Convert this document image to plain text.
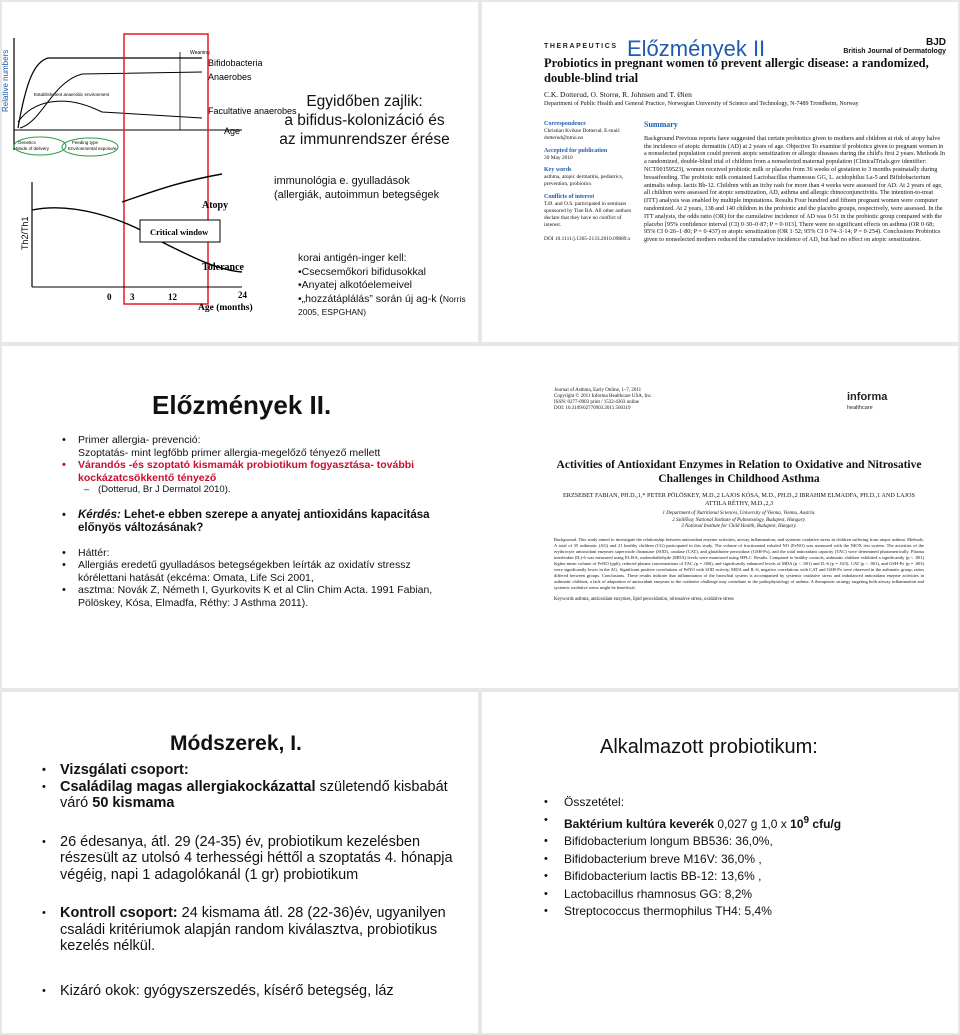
Relative numbers	Weaning
Bifidobacteria
Anaerobes
Facultative anaerobes
Age
Establishment anaerobic environment
Genetics
Mode of delivery
Feeding type
Environmental exposure
Th2/Th1	Critical window
Atopy
Tolerance
0 3	12	24
Age (months)
Egyidőben zajlik:
a bifidus-kolonizáció és
az immunrendszer érése
immunológia e. gyulladások
(allergiák, autoimmun betegségek
korai antigén-inger kell:
•Csecsemőkori bifidusokkal
•Anyatej alkotóelemeivel
•„hozzátáplálás” során új ag-k (Norris 2005, ESPGHAN)
THERAPEUTICS Előzmények II	BJD
British Journal of Dermatology
Probiotics in pregnant women to prevent allergic disease: a randomized, double-blind trial
C.K. Dotterud, O. Storrø, R. Johnsen and T. Øien
Department of Public Health and General Practice, Norwegian University of Science and Technology, N-7489 Trondheim, Norway
Correspondence
Christian Kvikne Dotterud. E-mail: dotterud@ntnu.no
Accepted for publication
30 May 2010
Key words
asthma, atopic dermatitis, pediatrics, prevention, probiotics
Conflicts of interest
T.Ø. and O.S. participated in seminars sponsored by Tine BA. All other authors declare that they have no conflict of interest.
DOI 10.1111/j.1365-2133.2010.09889.x
Summary
Background Previous reports have suggested that certain probiotics given to mothers and children at risk of atopy halve the incidence of atopic dermatitis (AD) at 2 years of age. Objective To examine if probiotics given to pregnant women in a nonselected population could prevent atopic sensitization or allergic diseases during the child's first 2 years. Methods In a randomized, double-blind trial of children from a nonselected maternal population (ClinicalTrials.gov identifier: NCT00159523), women received probiotic milk or placebo from 36 weeks of gestation to 3 months postnatally during breastfeeding. The probiotic milk contained Lactobacillus rhamnosus GG, L. acidophilus La-5 and Bifidobacterium animalis subsp. lactis Bb-12. Children with an itchy rash for more than 4 weeks were assessed for AD. At 2 years of age, all children were assessed for atopic sensitization, AD, asthma and allergic rhinoconjunctivitis. The intention-to-treat (ITT) analysis was enabled by multiple imputations. Results Four hundred and fifteen pregnant women were computer randomized. At 2 years, 138 and 140 children in the probiotic and the placebo groups, respectively, were assessed. In the ITT analysis, the odds ratio (OR) for the cumulative incidence of AD was 0·51 in the probiotic group compared with the placebo [95% confidence interval (CI) 0·30–0·87; P = 0·013]. There were no significant effects on asthma (OR 0·68; 95% CI 0·26–1·80; P = 0·437) or atopic sensitization (OR 1·52; 95% CI 0·74–3·14; P = 0·254). Conclusions Probiotics given to nonselected mothers reduced the cumulative incidence of AD, but had no effect on atopic sensitization.
Előzmények II.
• Primer allergia- prevenció:
Szoptatás- mint legfőbb primer allergia-megelőző tényező mellett
• Várandós -és szoptató kismamák probiotikum fogyasztása- további kockázatcsökkentő tényező
– (Dotterud, Br J Dermatol 2010).
• Kérdés: Lehet-e ebben szerepe a anyatej antioxidáns kapacitása előnyös változásának?
• Háttér:
• Allergiás eredetű gyulladásos betegségekben leírták az oxidatív stressz kórélettani hatását (ekcéma: Omata, Life Sci 2001,
• asztma: Novák Z, Németh I, Gyurkovits K et al Clin Chim Acta. 1991 Fabian, Pölöskey, Kósa, Elmadfa, Réthy: J Asthma 2011).
informa
healthcare
Journal of Asthma, Early Online, 1–7, 2011
Copyright © 2011 Informa Healthcare USA, Inc.
ISSN: 0277-0903 print / 1532-4303 online
DOI: 10.3109/02770903.2011.560319
Activities of Antioxidant Enzymes in Relation to Oxidative and Nitrosative Challenges in Childhood Asthma
ERZSEBET FABIAN, PH.D.,1,* PETER PÖLÖSKEY, M.D.,2 LAJOS KÓSA, M.D., PH.D.,2 IBRAHIM ELMADFA, PH.D.,1 AND LAJOS ATTILA RÉTHY, M.D.,2,3
1 Department of Nutritional Sciences, University of Vienna, Vienna, Austria.
2 Szöllőssy National Institute of Pulmonology, Budapest, Hungary.
3 National Institute for Child Health, Budapest, Hungary.
Background. This study aimed to investigate the relationship between antioxidant enzyme activities, airway inflammation, and systemic oxidative stress in children suffering from atopic asthma. Methods. A total of 35 asthmatic (AG) and 21 healthy children (CG) participated in this study. The volume of fractionated exhaled NO (FeNO) was measured with the NIOX test system. The activities of the erythrocyte antioxidant enzymes superoxide dismutase (SOD), catalase (CAT), and glutathione peroxidase (GSH-Px), and the total antioxidant capacity (TAC) were determined photometrically. Plasma interleukin (IL)-6 was measured using ELISA; malondialdehyde (MDA) levels were monitored using HPLC. Results. Compared to healthy controls, asthmatic children exhibited a significantly (p < .001) higher mean volume of FeNO (ppb), reduced plasma concentrations of TAC (p = .006), and significantly enhanced levels of MDA (p < .001) and IL-6 (p = .023). CAT (p < .001), and GSH-Px (p = .003) were significantly lower in the AG. Significant positive correlations of FeNO with SOD activity, MDA and IL-6, negative correlations with CAT and GSH-Px were observed in the asthmatic group; ratios differed between groups. Conclusions. These results indicate that inflammation of the bronchial system is accompanied by systemic oxidative stress and imbalanced antioxidant enzyme activities in asthmatic children; a lack of adaptation of antioxidant enzymes to the oxidative challenge may contribute to the pathophysiology of asthma. A therapeutic strategy targeting both airway inflammation and systemic oxidative stress might be beneficial.
Keywords asthma, antioxidant enzymes, lipid peroxidation, nitrosative stress, oxidative stress
Módszerek, I.
• Vizsgálati csoport:
• Családilag magas allergiakockázattal születendő kisbabát váró 50 kismama
• 26 édesanya, átl. 29 (24-35) év, probiotikum kezelésben részesült az utolsó 4 terhességi héttől a szoptatás 4. hónapja végéig, napi 1 adagolókanál (1 gr) probiotikum
• Kontroll csoport: 24 kismama átl. 28 (22-36)év, ugyanilyen családi kritériumok alapján random kiválasztva, probiotikus kezelés nélkül.
• Kizáró okok: gyógyszerszedés, kísérő betegség, láz
Alkalmazott probiotikum:
• Összetétel:
• Baktérium kultúra keverék 0,027 g 1,0 x $10^9$ cfu/g
• Bifidobacterium longum BB536: 36,0%,
• Bifidobacterium breve M16V: 36,0% ,
• Bifidobacterium lactis BB-12: 13,6% ,
• Lactobacillus rhamnosus GG: 8,2%
• Streptococcus thermophilus TH4: 5,4%
